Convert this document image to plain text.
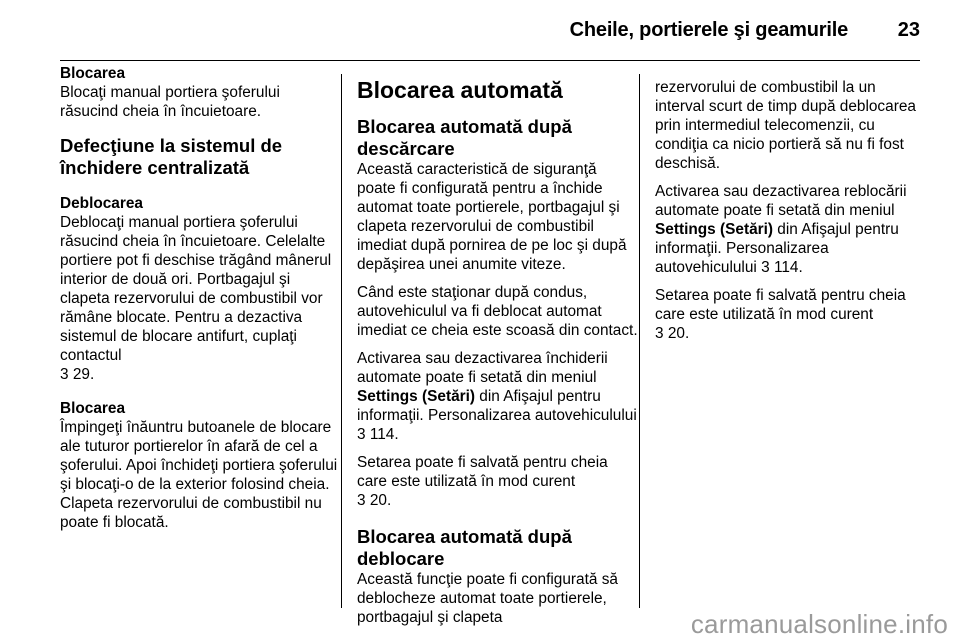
Cheile, portierele şi geamurile 23

Blocarea

Blocaţi manual portiera şoferului răsucind cheia în încuietoare.

Defecţiune la sistemul de închidere centralizată

Deblocarea

Deblocaţi manual portiera şoferului răsucind cheia în încuietoare. Celelalte portiere pot fi deschise trăgând mânerul interior de două ori. Portbagajul şi clapeta rezervorului de combustibil vor rămâne blocate. Pentru a dezactiva sistemul de blocare antifurt, cuplaţi contactul
3 29.

Blocarea

Împingeţi înăuntru butoanele de blocare ale tuturor portierelor în afară de cel a şoferului. Apoi închideţi portiera şoferului şi blocaţi-o de la exterior folosind cheia. Clapeta rezervorului de combustibil nu poate fi blocată.

Blocarea automată

Blocarea automată după descărcare

Această caracteristică de siguranţă poate fi configurată pentru a închide automat toate portierele, portbagajul şi clapeta rezervorului de combustibil imediat după pornirea de pe loc şi după depăşirea unei anumite viteze.

Când este staţionar după condus, autovehiculul va fi deblocat automat imediat ce cheia este scoasă din contact.

Activarea sau dezactivarea închiderii automate poate fi setată din meniul Settings (Setări) din Afişajul pentru informaţii. Personalizarea autovehiculului 3 114.

Setarea poate fi salvată pentru cheia care este utilizată în mod curent
3 20.

Blocarea automată după deblocare

Această funcţie poate fi configurată să deblocheze automat toate portierele, portbagajul şi clapeta

rezervorului de combustibil la un interval scurt de timp după deblocarea prin intermediul telecomenzii, cu condiţia ca nicio portieră să nu fi fost deschisă.

Activarea sau dezactivarea reblocării automate poate fi setată din meniul Settings (Setări) din Afişajul pentru informaţii. Personalizarea autovehiculului 3 114.

Setarea poate fi salvată pentru cheia care este utilizată în mod curent
3 20.

carmanualsonline.info
